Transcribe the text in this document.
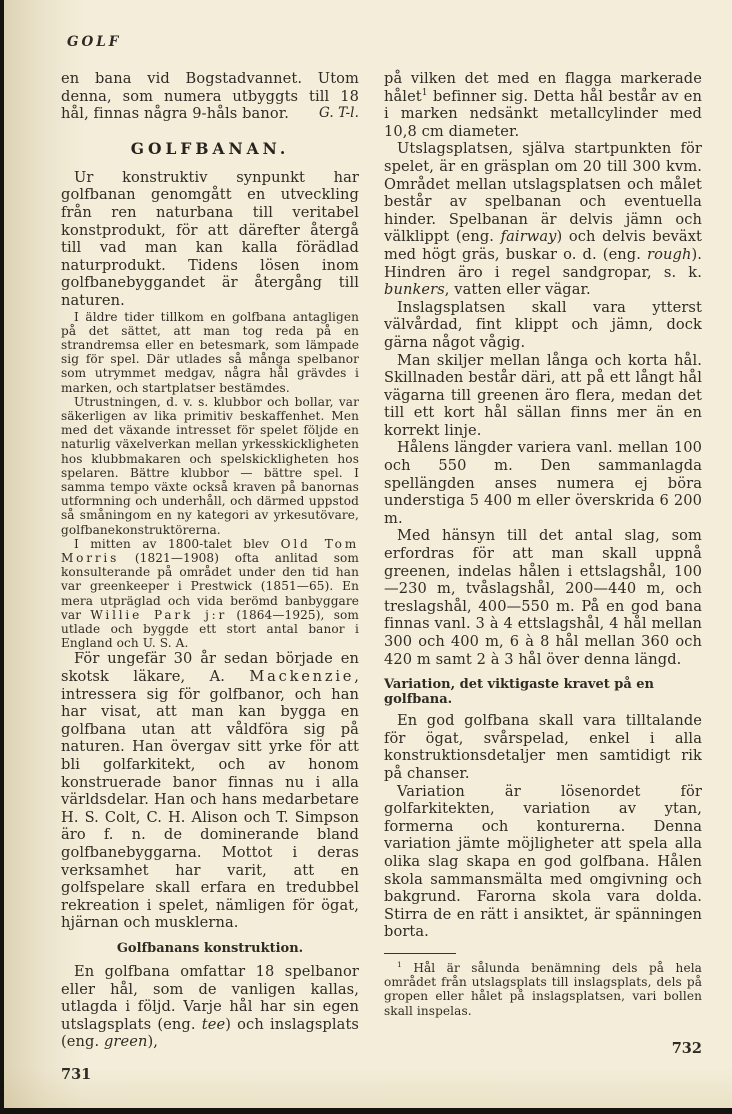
GOLF

en bana vid Bogstadvannet. Utom denna, som numera utbyggts till 18 hål, finnas några 9-håls banor. G. T-l.

GOLFBANAN.

Ur konstruktiv synpunkt har golfbanan genomgått en utveckling från ren naturbana till veritabel konstprodukt, för att därefter återgå till vad man kan kalla förädlad naturprodukt. Tidens lösen inom golfbanebyggandet är återgång till naturen.

I äldre tider tillkom en golfbana antagligen på det sättet, att man tog reda på en strandremsa eller en betesmark, som lämpade sig för spel. Där utlades så många spelbanor som utrymmet medgav, några hål grävdes i marken, och startplatser bestämdes.

Utrustningen, d. v. s. klubbor och bollar, var säkerligen av lika primitiv beskaffenhet. Men med det växande intresset för spelet följde en naturlig växelverkan mellan yrkesskickligheten hos klubbmakaren och spelskickligheten hos spelaren. Bättre klubbor — bättre spel. I samma tempo växte också kraven på banornas utformning och underhåll, och därmed uppstod så småningom en ny kategori av yrkesutövare, golfbanekonstruktörerna.

I mitten av 1800-talet blev Old Tom Morris (1821—1908) ofta anlitad som konsulterande på området under den tid han var greenkeeper i Prestwick (1851—65). En mera utpräglad och vida berömd banbyggare var Willie Park j:r (1864—1925), som utlade och byggde ett stort antal banor i England och U. S. A.

För ungefär 30 år sedan började en skotsk läkare, A. Mackenzie, intressera sig för golfbanor, och han har visat, att man kan bygga en golfbana utan att våldföra sig på naturen. Han övergav sitt yrke för att bli golfarkitekt, och av honom konstruerade banor finnas nu i alla världsdelar. Han och hans medarbetare H. S. Colt, C. H. Alison och T. Simpson äro f. n. de dominerande bland golfbanebyggarna. Mottot i deras verksamhet har varit, att en golfspelare skall erfara en tredubbel rekreation i spelet, nämligen för ögat, hjärnan och musklerna.

Golfbanans konstruktion.

En golfbana omfattar 18 spelbanor eller hål, som de vanligen kallas, utlagda i följd. Varje hål har sin egen utslagsplats (eng. tee) och inslagsplats (eng. green),

731

på vilken det med en flagga markerade hålet$^1$ befinner sig. Detta hål består av en i marken nedsänkt metallcylinder med 10,8 cm diameter.

Utslagsplatsen, själva startpunkten för spelet, är en gräsplan om 20 till 300 kvm. Området mellan utslagsplatsen och målet består av spelbanan och eventuella hinder. Spelbanan är delvis jämn och välklippt (eng. fairway) och delvis beväxt med högt gräs, buskar o. d. (eng. rough). Hindren äro i regel sandgropar, s. k. bunkers, vatten eller vägar.

Inslagsplatsen skall vara ytterst välvårdad, fint klippt och jämn, dock gärna något vågig.

Man skiljer mellan långa och korta hål. Skillnaden består däri, att på ett långt hål vägarna till greenen äro flera, medan det till ett kort hål sällan finns mer än en korrekt linje.

Hålens längder variera vanl. mellan 100 och 550 m. Den sammanlagda spellängden anses numera ej böra understiga 5 400 m eller överskrida 6 200 m.

Med hänsyn till det antal slag, som erfordras för att man skall uppnå greenen, indelas hålen i ettslagshål, 100—230 m, tvåslagshål, 200—440 m, och treslagshål, 400—550 m. På en god bana finnas vanl. 3 à 4 ettslagshål, 4 hål mellan 300 och 400 m, 6 à 8 hål mellan 360 och 420 m samt 2 à 3 hål över denna längd.

Variation, det viktigaste kravet på en golfbana.

En god golfbana skall vara tilltalande för ögat, svårspelad, enkel i alla konstruktionsdetaljer men samtidigt rik på chanser.

Variation är lösenordet för golfarkitekten, variation av ytan, formerna och konturerna. Denna variation jämte möjligheter att spela alla olika slag skapa en god golfbana. Hålen skola sammansmälta med omgivning och bakgrund. Farorna skola vara dolda. Stirra de en rätt i ansiktet, är spänningen borta.

$^1$ Hål är sålunda benämning dels på hela området från utslagsplats till inslagsplats, dels på gropen eller hålet på inslagsplatsen, vari bollen skall inspelas.

732
